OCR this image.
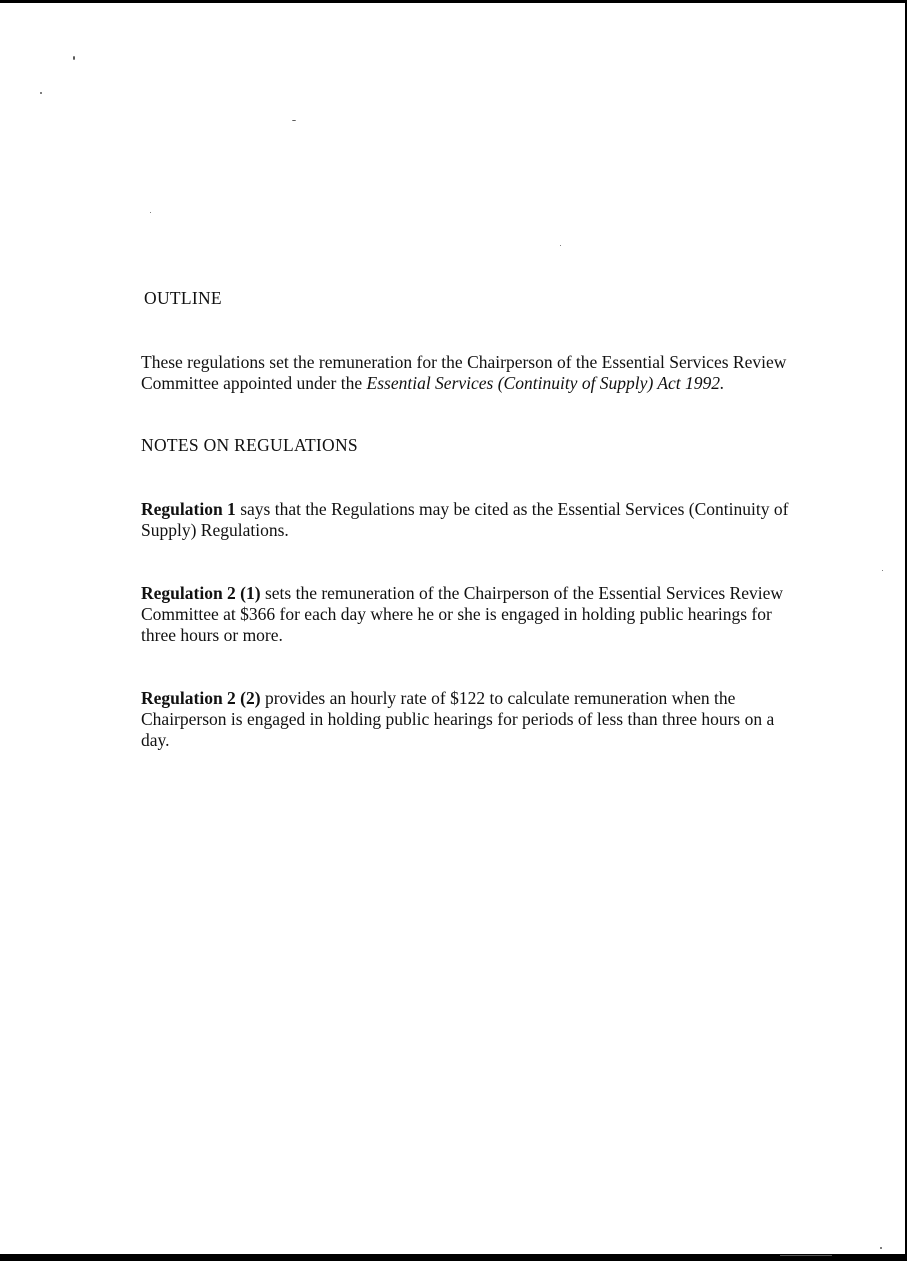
OUTLINE

These regulations set the remuneration for the Chairperson of the Essential Services Review Committee appointed under the Essential Services (Continuity of Supply) Act 1992.

NOTES ON REGULATIONS

Regulation 1 says that the Regulations may be cited as the Essential Services (Continuity of Supply) Regulations.

Regulation 2 (1) sets the remuneration of the Chairperson of the Essential Services Review Committee at $366 for each day where he or she is engaged in holding public hearings for three hours or more.

Regulation 2 (2) provides an hourly rate of $122 to calculate remuneration when the Chairperson is engaged in holding public hearings for periods of less than three hours on a day.
